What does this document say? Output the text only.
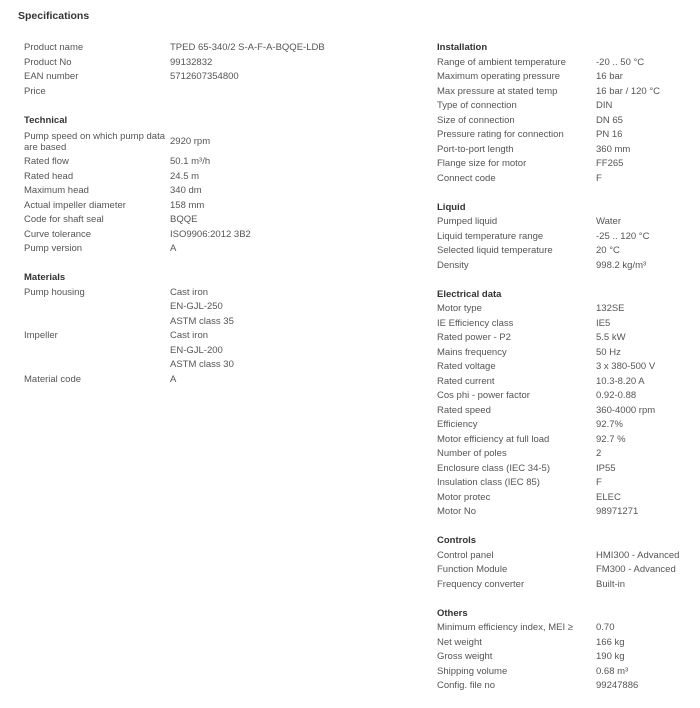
Specifications
Product name	TPED 65-340/2 S-A-F-A-BQQE-LDB
Product No	99132832
EAN number	5712607354800
Price
Technical
Pump speed on which pump data are based	2920 rpm
Rated flow	50.1 m³/h
Rated head	24.5 m
Maximum head	340 dm
Actual impeller diameter	158 mm
Code for shaft seal	BQQE
Curve tolerance	ISO9906:2012 3B2
Pump version	A
Materials
Pump housing	Cast iron
EN-GJL-250
ASTM class 35
Impeller	Cast iron
EN-GJL-200
ASTM class 30
Material code	A
Installation
Range of ambient temperature	-20 .. 50 °C
Maximum operating pressure	16 bar
Max pressure at stated temp	16 bar / 120 °C
Type of connection	DIN
Size of connection	DN 65
Pressure rating for connection	PN 16
Port-to-port length	360 mm
Flange size for motor	FF265
Connect code	F
Liquid
Pumped liquid	Water
Liquid temperature range	-25 .. 120 °C
Selected liquid temperature	20 °C
Density	998.2 kg/m³
Electrical data
Motor type	132SE
IE Efficiency class	IE5
Rated power - P2	5.5 kW
Mains frequency	50 Hz
Rated voltage	3 x 380-500 V
Rated current	10.3-8.20 A
Cos phi - power factor	0.92-0.88
Rated speed	360-4000 rpm
Efficiency	92.7%
Motor efficiency at full load	92.7 %
Number of poles	2
Enclosure class (IEC 34-5)	IP55
Insulation class (IEC 85)	F
Motor protec	ELEC
Motor No	98971271
Controls
Control panel	HMI300 - Advanced
Function Module	FM300 - Advanced
Frequency converter	Built-in
Others
Minimum efficiency index, MEI ≥	0.70
Net weight	166 kg
Gross weight	190 kg
Shipping volume	0.68 m³
Config. file no	99247886
